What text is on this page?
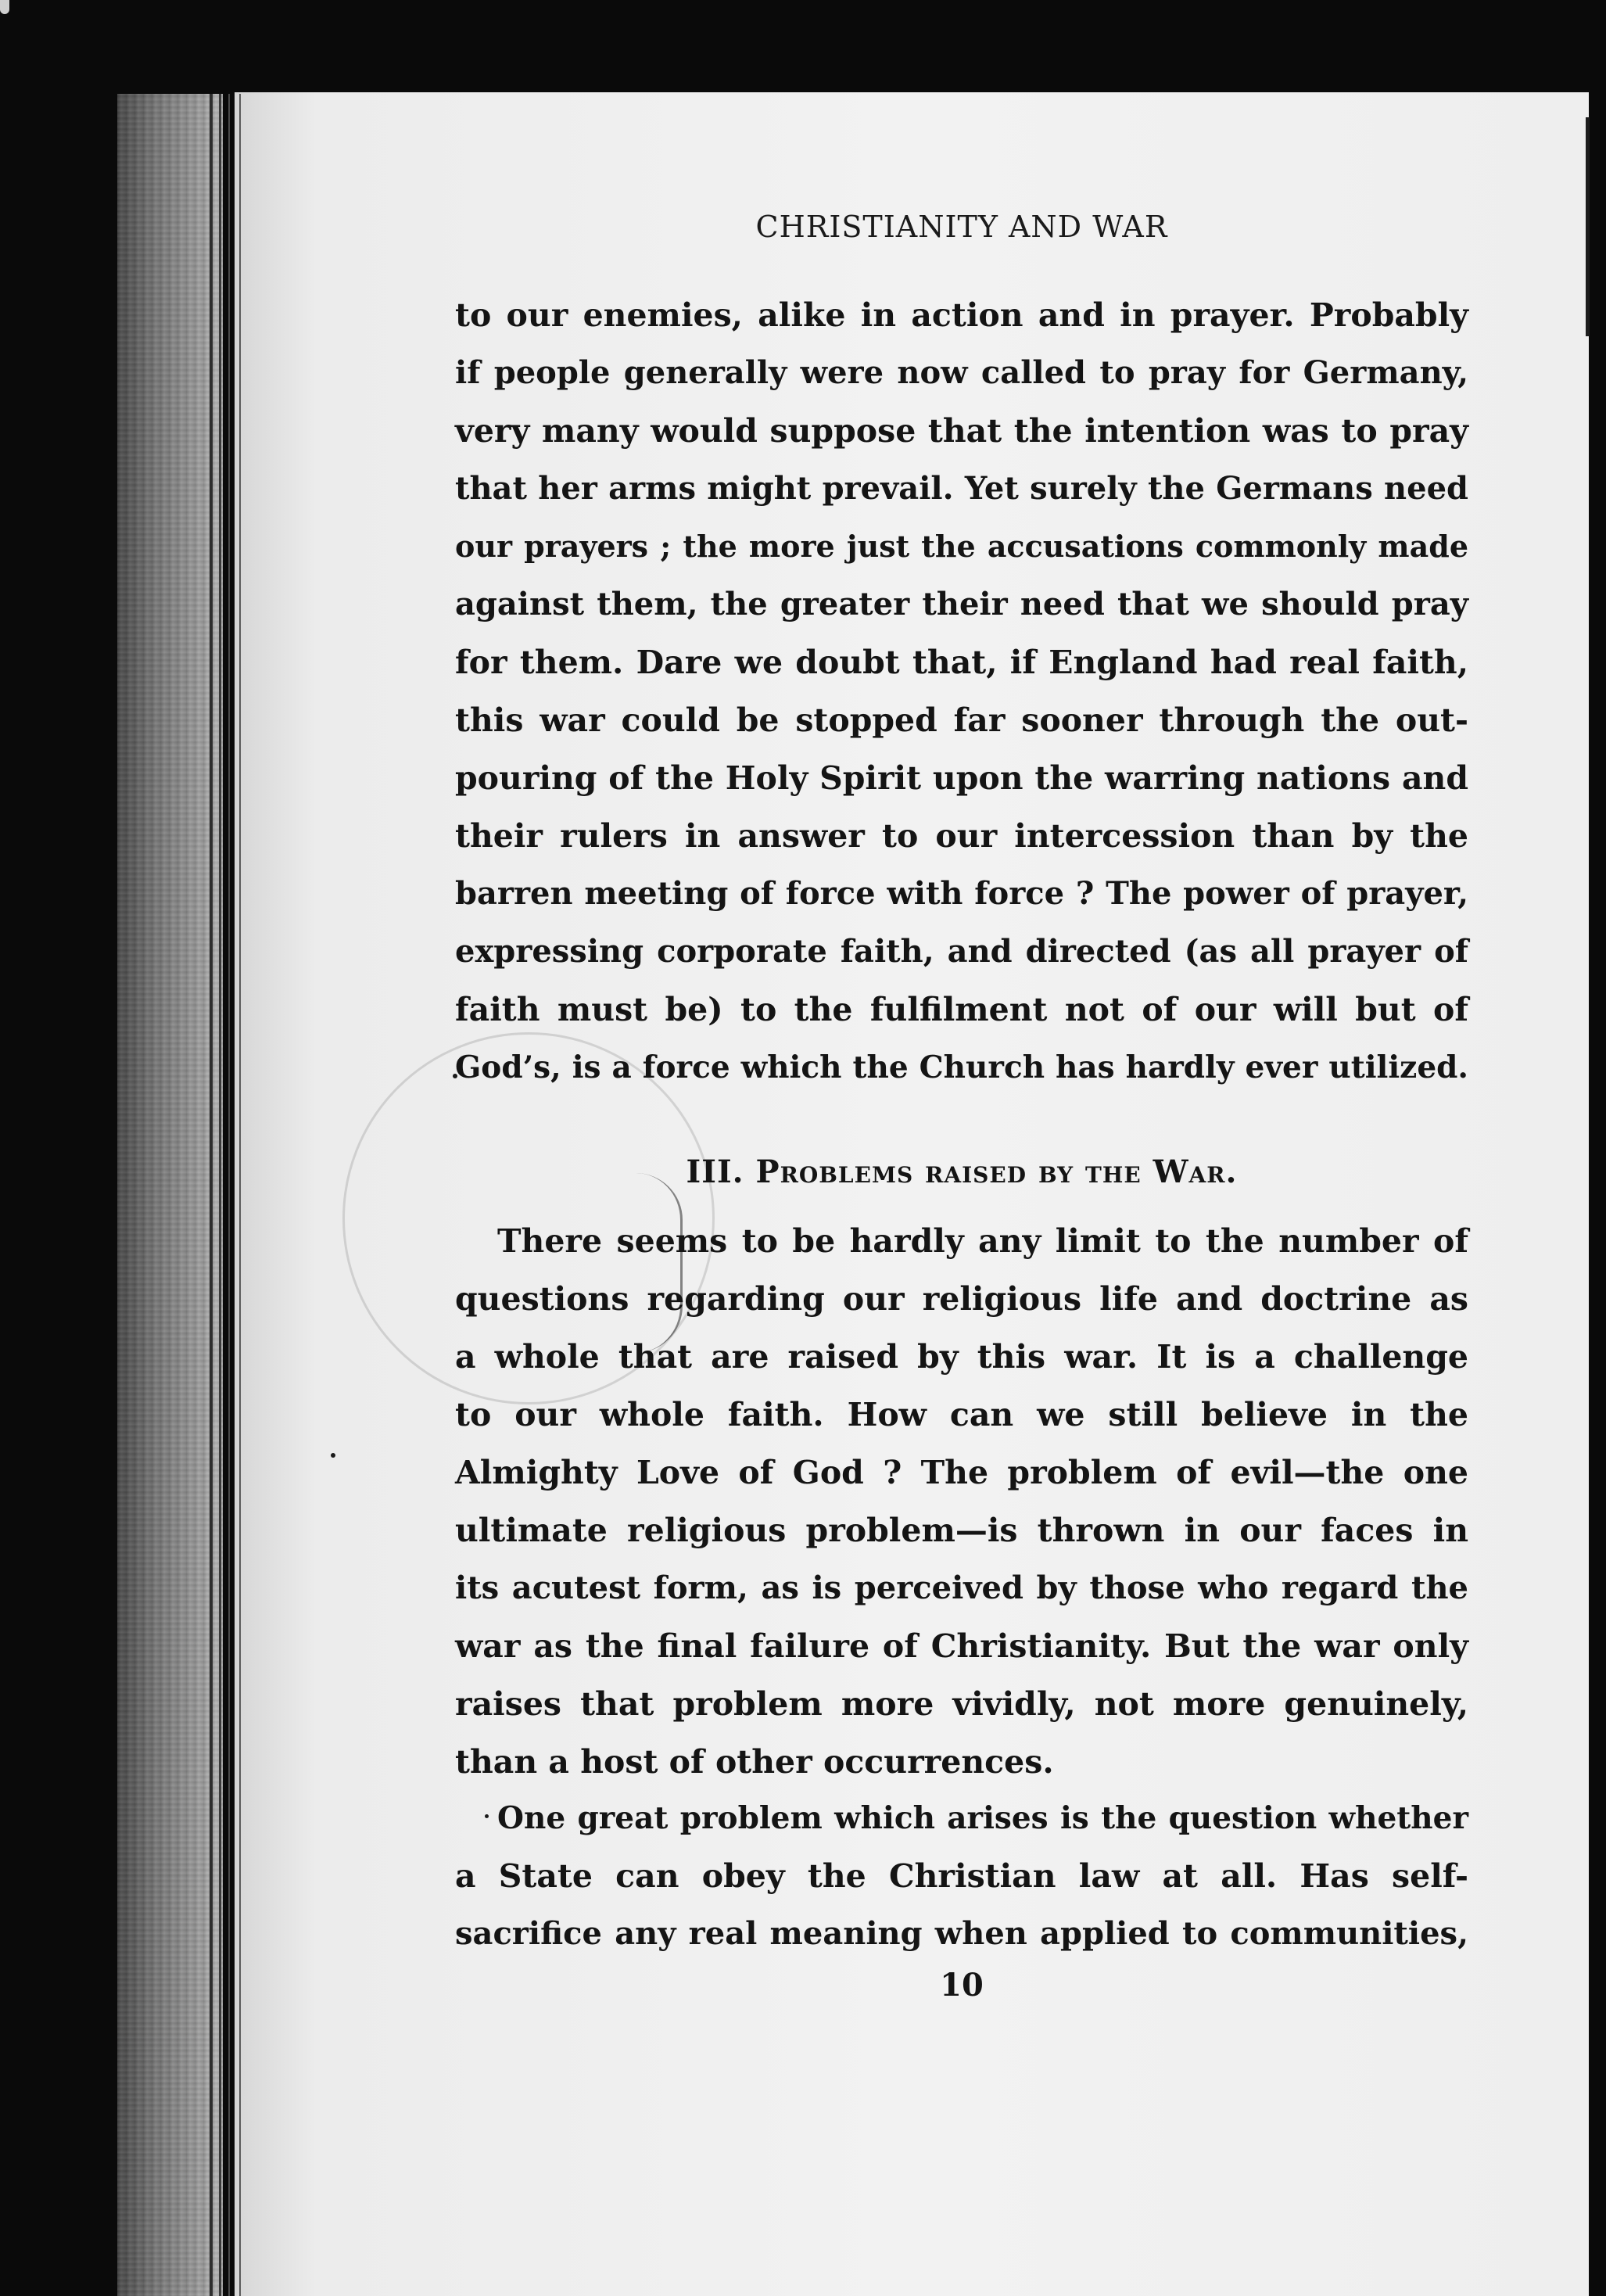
CHRISTIANITY AND WAR
to our enemies, alike in action and in prayer. Probably
if people generally were now called to pray for Germany,
very many would suppose that the intention was to pray
that her arms might prevail. Yet surely the Germans need
our prayers ; the more just the accusations commonly made
against them, the greater their need that we should pray
for them. Dare we doubt that, if England had real faith,
this war could be stopped far sooner through the out-
pouring of the Holy Spirit upon the warring nations and
their rulers in answer to our intercession than by the
barren meeting of force with force ? The power of prayer,
expressing corporate faith, and directed (as all prayer of
faith must be) to the fulfilment not of our will but of
God’s, is a force which the Church has hardly ever utilized.
III. Problems raised by the War.
There seems to be hardly any limit to the number of
questions regarding our religious life and doctrine as
a whole that are raised by this war. It is a challenge
to our whole faith. How can we still believe in the
Almighty Love of God ? The problem of evil—the one
ultimate religious problem—is thrown in our faces in
its acutest form, as is perceived by those who regard the
war as the final failure of Christianity. But the war only
raises that problem more vividly, not more genuinely,
than a host of other occurrences.
One great problem which arises is the question whether
a State can obey the Christian law at all. Has self-
sacrifice any real meaning when applied to communities,
10
